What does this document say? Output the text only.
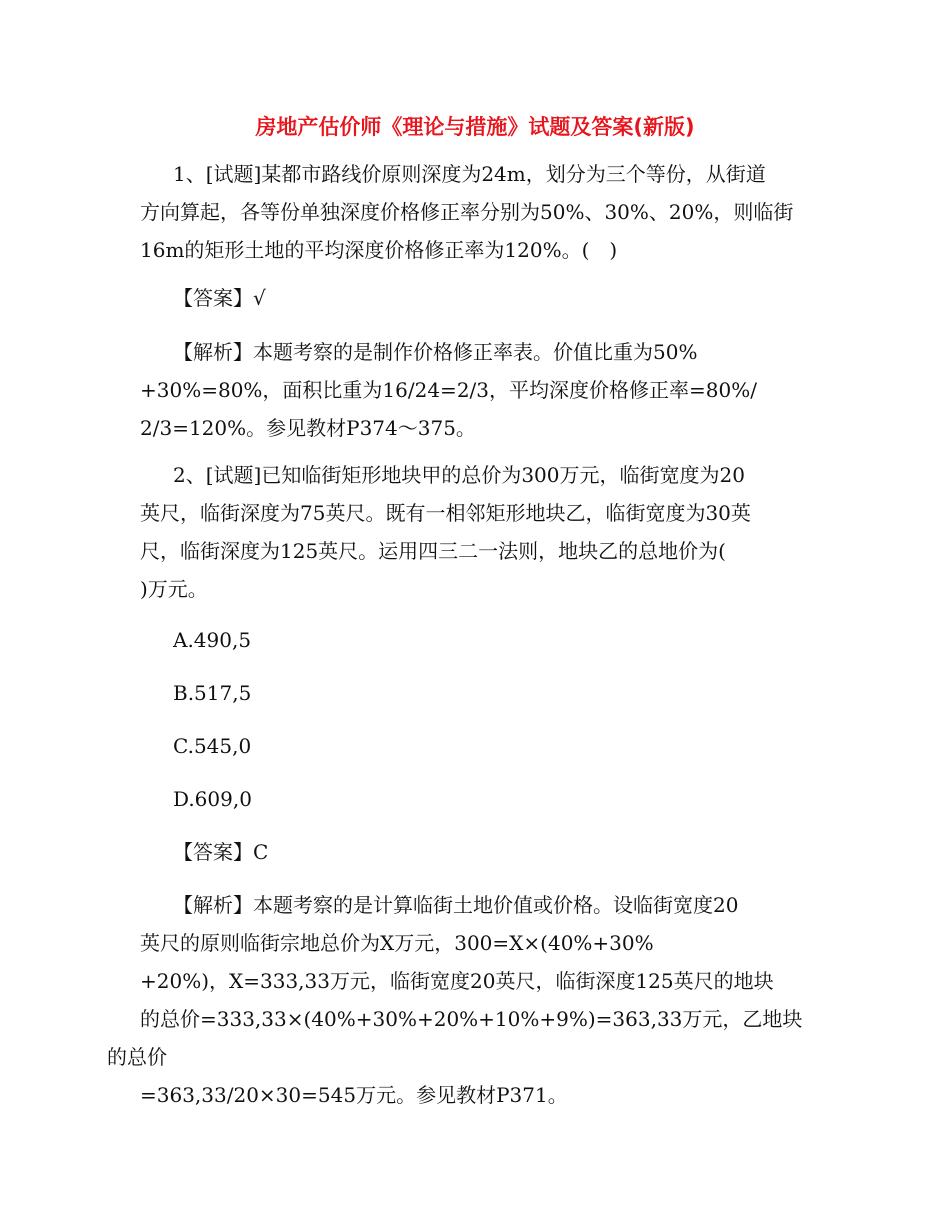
房地产估价师《理论与措施》试题及答案(新版)

1、[试题]某都市路线价原则深度为24m，划分为三个等份，从街道
方向算起，各等份单独深度价格修正率分别为50%、30%、20%，则临街
16m的矩形土地的平均深度价格修正率为120%。(　)

【答案】√

【解析】本题考察的是制作价格修正率表。价值比重为50%
+30%=80%，面积比重为16/24=2/3，平均深度价格修正率=80%/
2/3=120%。参见教材P374～375。

2、[试题]已知临街矩形地块甲的总价为300万元，临街宽度为20
英尺，临街深度为75英尺。既有一相邻矩形地块乙，临街宽度为30英
尺，临街深度为125英尺。运用四三二一法则，地块乙的总地价为(
)万元。

A.490,5

B.517,5

C.545,0

D.609,0

【答案】C

【解析】本题考察的是计算临街土地价值或价格。设临街宽度20
英尺的原则临街宗地总价为X万元，300=X×(40%+30%
+20%)，X=333,33万元，临街宽度20英尺，临街深度125英尺的地块
的总价=333,33×(40%+30%+20%+10%+9%)=363,33万元，乙地块的总价
=363,33/20×30=545万元。参见教材P371。
